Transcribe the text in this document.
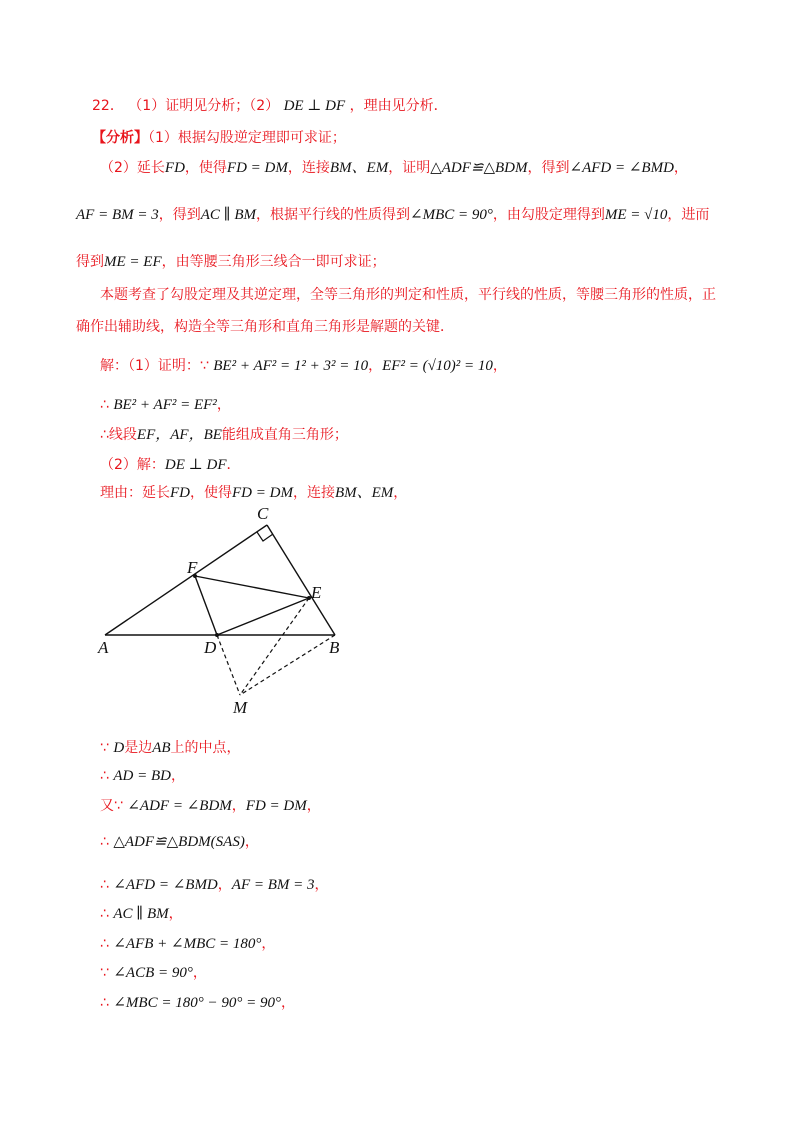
22． （1）证明见分析；（2） DE ⊥ DF ，理由见分析．
【分析】（1）根据勾股逆定理即可求证；
（2）延长FD，使得FD = DM，连接BM、EM，证明△ADF≌△BDM，得到∠AFD = ∠BMD，
AF = BM = 3，得到AC ∥ BM，根据平行线的性质得到∠MBC = 90°，由勾股定理得到ME = √10，进而
得到ME = EF，由等腰三角形三线合一即可求证；
本题考查了勾股定理及其逆定理，全等三角形的判定和性质，平行线的性质，等腰三角形的性质，正
确作出辅助线，构造全等三角形和直角三角形是解题的关键．
解：（1）证明：∵ BE² + AF² = 1² + 3² = 10，EF² = (√10)² = 10，
∴ BE² + AF² = EF²，
∴线段EF，AF，BE能组成直角三角形；
（2）解：DE ⊥ DF．
理由：延长FD，使得FD = DM，连接BM、EM，
A	B
C
D
E
F
M
∵ D是边AB上的中点，
∴ AD = BD，
又∵ ∠ADF = ∠BDM，FD = DM，
∴ △ADF≌△BDM(SAS)，
∴ ∠AFD = ∠BMD，AF = BM = 3，
∴ AC ∥ BM，
∴ ∠AFB + ∠MBC = 180°，
∵ ∠ACB = 90°，
∴ ∠MBC = 180° − 90° = 90°，
